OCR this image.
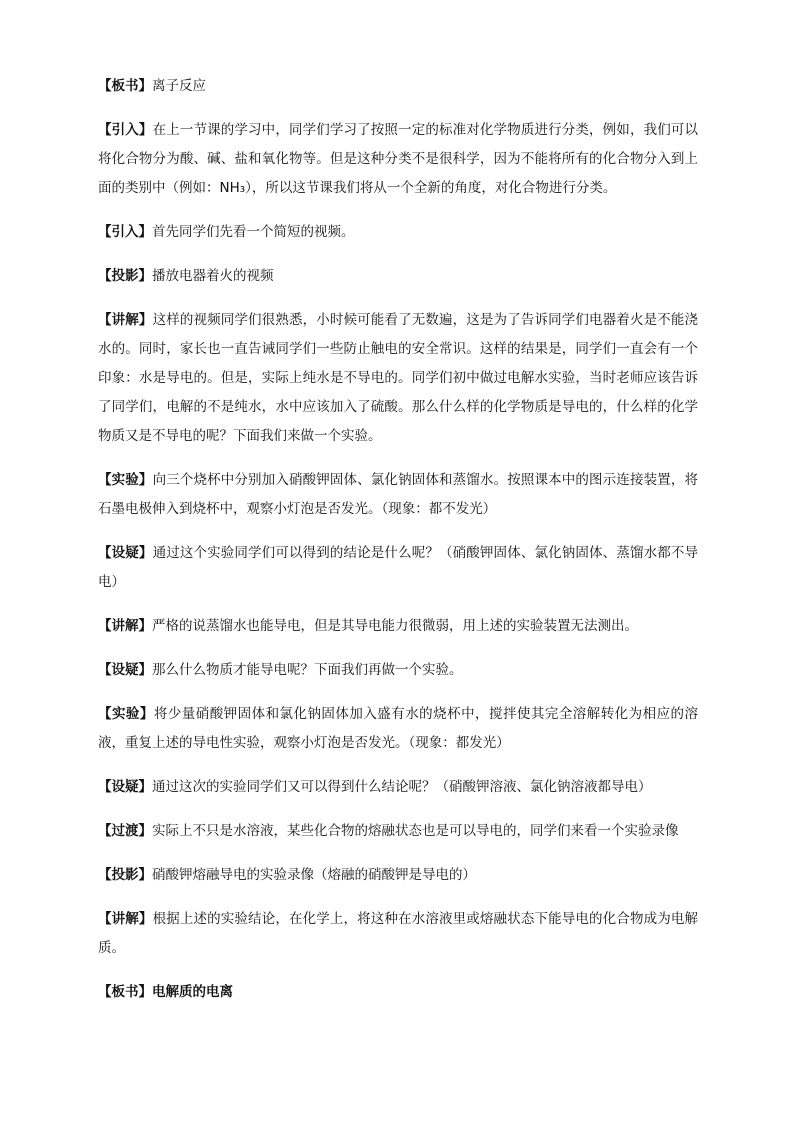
【板书】离子反应

【引入】在上一节课的学习中，同学们学习了按照一定的标准对化学物质进行分类，例如，我们可以将化合物分为酸、碱、盐和氧化物等。但是这种分类不是很科学，因为不能将所有的化合物分入到上面的类别中（例如：NH₃），所以这节课我们将从一个全新的角度，对化合物进行分类。

【引入】首先同学们先看一个简短的视频。

【投影】播放电器着火的视频

【讲解】这样的视频同学们很熟悉，小时候可能看了无数遍，这是为了告诉同学们电器着火是不能浇水的。同时，家长也一直告诫同学们一些防止触电的安全常识。这样的结果是，同学们一直会有一个印象：水是导电的。但是，实际上纯水是不导电的。同学们初中做过电解水实验，当时老师应该告诉了同学们，电解的不是纯水，水中应该加入了硫酸。那么什么样的化学物质是导电的，什么样的化学物质又是不导电的呢？下面我们来做一个实验。

【实验】向三个烧杯中分别加入硝酸钾固体、氯化钠固体和蒸馏水。按照课本中的图示连接装置，将石墨电极伸入到烧杯中，观察小灯泡是否发光。（现象：都不发光）

【设疑】通过这个实验同学们可以得到的结论是什么呢？（硝酸钾固体、氯化钠固体、蒸馏水都不导电）

【讲解】严格的说蒸馏水也能导电，但是其导电能力很微弱，用上述的实验装置无法测出。

【设疑】那么什么物质才能导电呢？下面我们再做一个实验。

【实验】将少量硝酸钾固体和氯化钠固体加入盛有水的烧杯中，搅拌使其完全溶解转化为相应的溶液，重复上述的导电性实验，观察小灯泡是否发光。（现象：都发光）

【设疑】通过这次的实验同学们又可以得到什么结论呢？（硝酸钾溶液、氯化钠溶液都导电）

【过渡】实际上不只是水溶液，某些化合物的熔融状态也是可以导电的，同学们来看一个实验录像

【投影】硝酸钾熔融导电的实验录像（熔融的硝酸钾是导电的）

【讲解】根据上述的实验结论，在化学上，将这种在水溶液里或熔融状态下能导电的化合物成为电解质。

【板书】电解质的电离
